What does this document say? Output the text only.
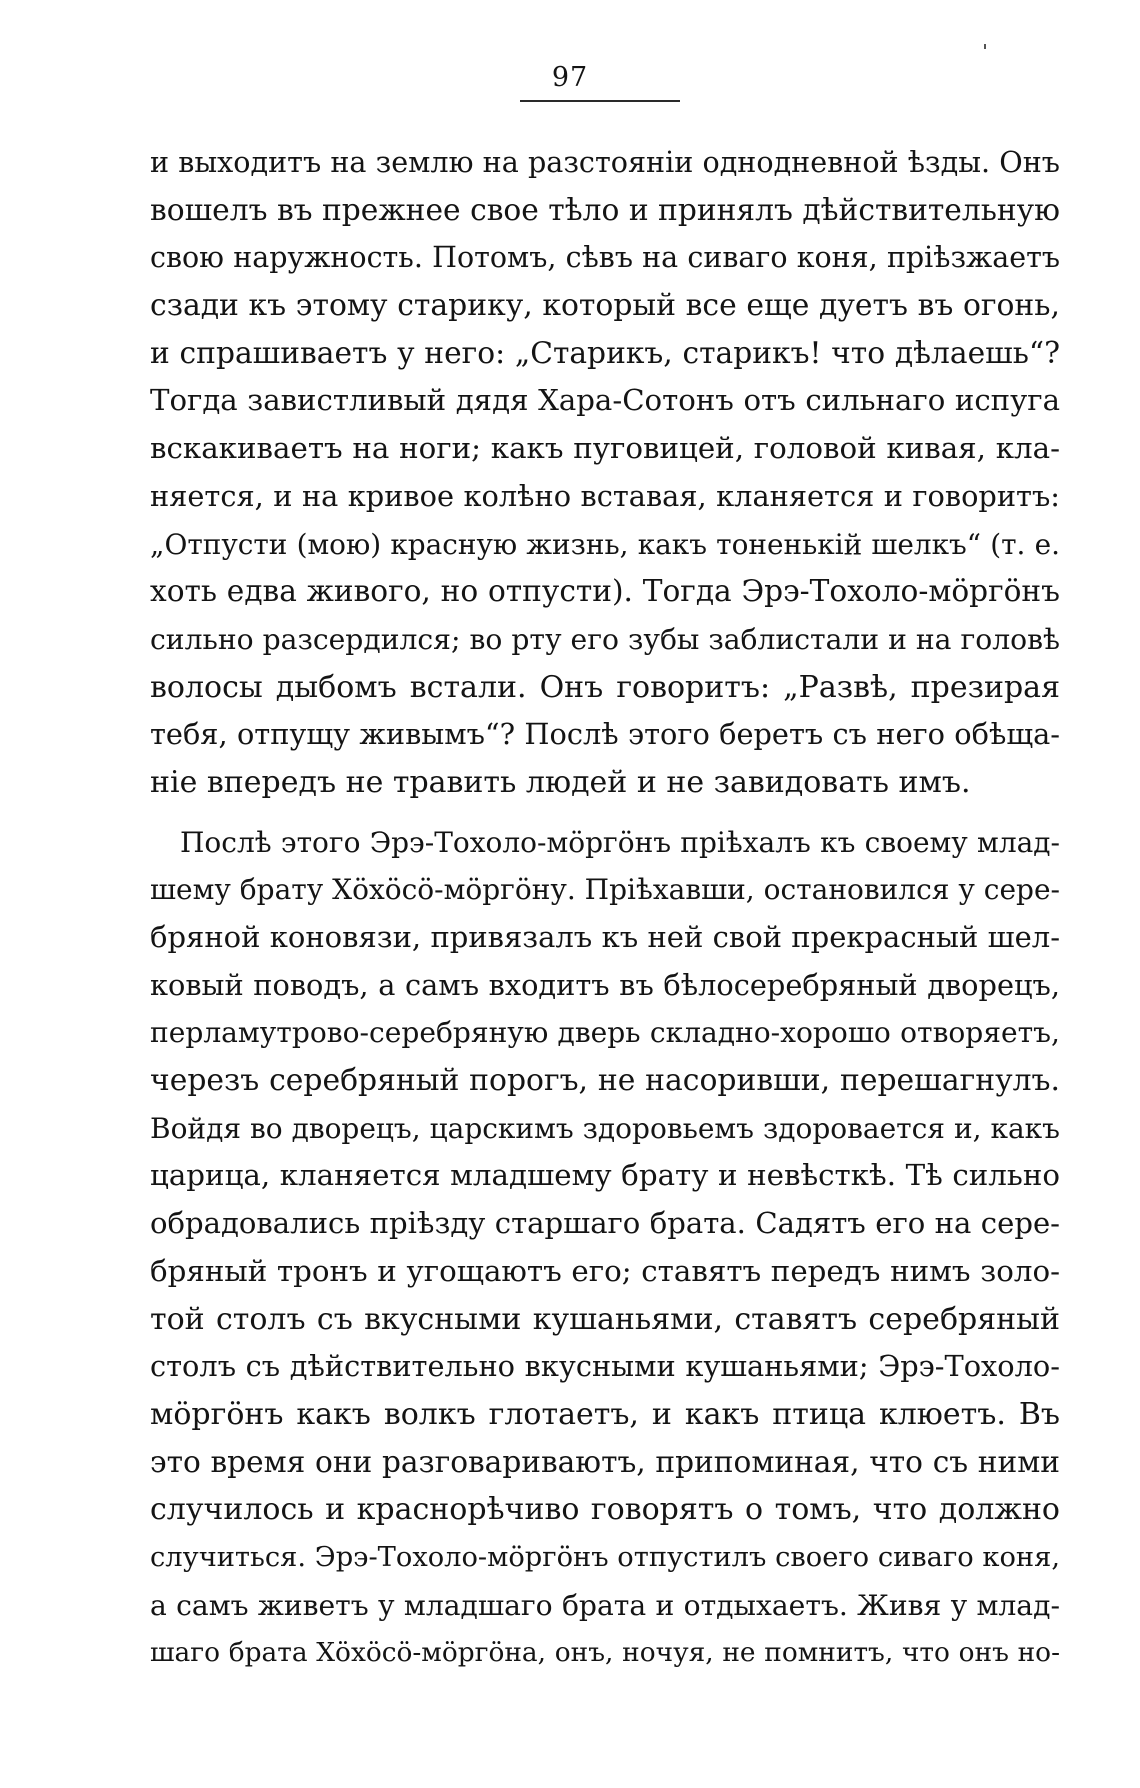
97
и выходитъ на землю на разстоянiи однодневной ѣзды. Онъ
вошелъ въ прежнее свое тѣло и принялъ дѣйствительную
свою наружность. Потомъ, сѣвъ на сиваго коня, прiѣзжаетъ
сзади къ этому старику, который все еще дуетъ въ огонь,
и спрашиваетъ у него: „Старикъ, старикъ! что дѣлаешь“?
Тогда завистливый дядя Хара-Сотонъ отъ сильнаго испуга
вскакиваетъ на ноги; какъ пуговицей, головой кивая, кла-
няется, и на кривое колѣно вставая, кланяется и говоритъ:
„Отпусти (мою) красную жизнь, какъ тоненькiй шелкъ“ (т. е.
хоть едва живого, но отпусти). Тогда Эрэ-Тохоло-мöргöнъ
сильно разсердился; во рту его зубы заблистали и на головѣ
волосы дыбомъ встали. Онъ говоритъ: „Развѣ, презирая
тебя, отпущу живымъ“? Послѣ этого беретъ съ него обѣща-
нiе впередъ не травить людей и не завидовать имъ.
Послѣ этого Эрэ-Тохоло-мöргöнъ прiѣхалъ къ своему млад-
шему брату Хöхöсö-мöргöну. Прiѣхавши, остановился у сере-
бряной коновязи, привязалъ къ ней свой прекрасный шел-
ковый поводъ, а самъ входитъ въ бѣлосеребряный дворецъ,
перламутрово-серебряную дверь складно-хорошо отворяетъ,
черезъ серебряный порогъ, не насоривши, перешагнулъ.
Войдя во дворецъ, царскимъ здоровьемъ здоровается и, какъ
царица, кланяется младшему брату и невѣсткѣ. Тѣ сильно
обрадовались прiѣзду старшаго брата. Садятъ его на сере-
бряный тронъ и угощаютъ его; ставятъ передъ нимъ золо-
той столъ съ вкусными кушаньями, ставятъ серебряный
столъ съ дѣйствительно вкусными кушаньями; Эрэ-Тохоло-
мöргöнъ какъ волкъ глотаетъ, и какъ птица клюетъ. Въ
это время они разговариваютъ, припоминая, что съ ними
случилось и краснорѣчиво говорятъ о томъ, что должно
случиться. Эрэ-Тохоло-мöргöнъ отпустилъ своего сиваго коня,
а самъ живетъ у младшаго брата и отдыхаетъ. Живя у млад-
шаго брата Хöхöсö-мöргöна, онъ, ночуя, не помнитъ, что онъ но-
